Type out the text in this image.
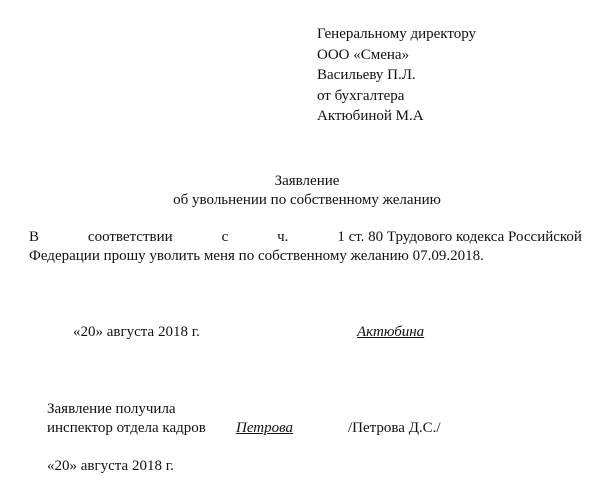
Генеральному директору
ООО «Смена»
Васильеву П.Л.
от бухгалтера
Актюбиной М.А
Заявление
об увольнении по собственному желанию
В	соответствии	с	ч.	1 ст. 80 Трудового кодекса Российской
Федерации прошу уволить меня по собственному желанию 07.09.2018.
«20» августа 2018 г.	Актюбина
Заявление получила
инспектор отдела кадров Петрова	/Петрова Д.С./
«20» августа 2018 г.
